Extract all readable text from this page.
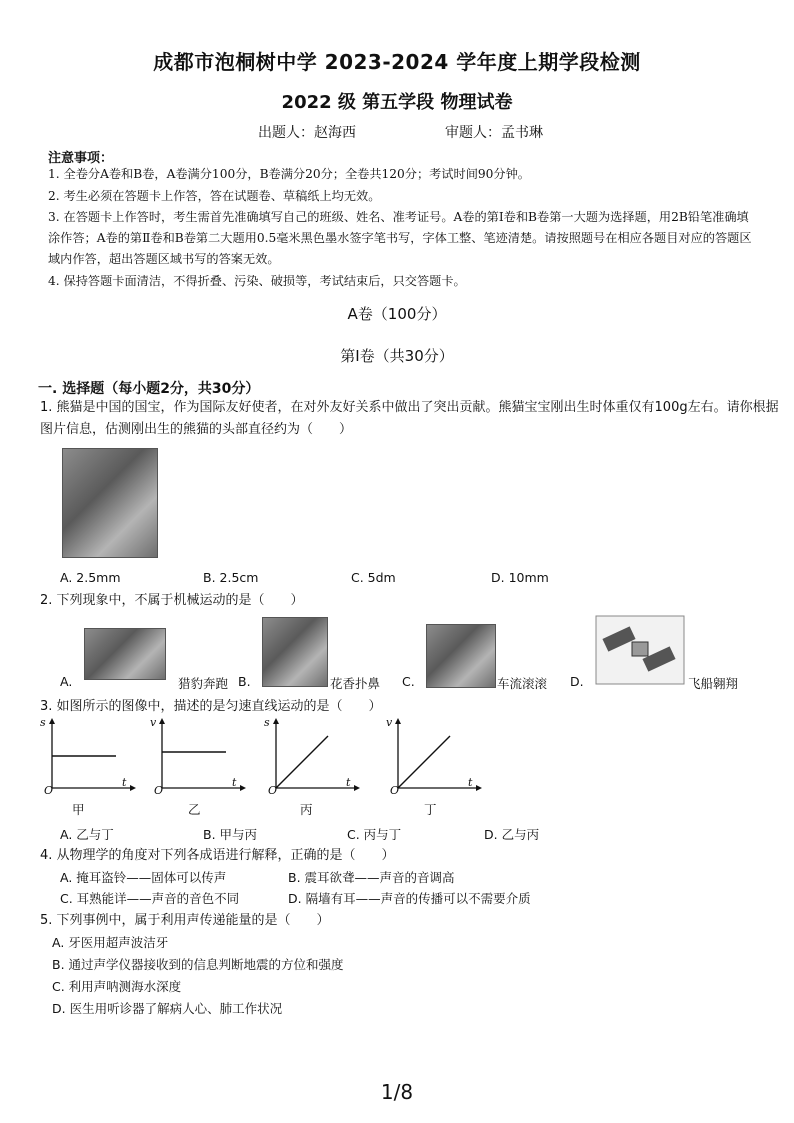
成都市泡桐树中学 2023-2024 学年度上期学段检测
2022 级 第五学段 物理试卷
出题人：赵海西	审题人：孟书琳
注意事项：
1. 全卷分A卷和B卷，A卷满分100分，B卷满分20分；全卷共120分；考试时间90分钟。
2. 考生必须在答题卡上作答，答在试题卷、草稿纸上均无效。
3. 在答题卡上作答时，考生需首先准确填写自己的班级、姓名、准考证号。A卷的第Ⅰ卷和B卷第一大题为选择题，用2B铅笔准确填涂作答；A卷的第Ⅱ卷和B卷第二大题用0.5毫米黑色墨水签字笔书写，字体工整、笔迹清楚。请按照题号在相应各题目对应的答题区域内作答，超出答题区域书写的答案无效。
4. 保持答题卡面清洁，不得折叠、污染、破损等，考试结束后，只交答题卡。
A卷（100分）
第Ⅰ卷（共30分）
一. 选择题（每小题2分，共30分）
1. 熊猫是中国的国宝，作为国际友好使者，在对外友好关系中做出了突出贡献。熊猫宝宝刚出生时体重仅有100g左右。请你根据图片信息，估测刚出生的熊猫的头部直径约为（　　）
A. 2.5mm	B. 2.5cm	C. 5dm	D. 10mm
2. 下列现象中，不属于机械运动的是（　　）
A.	猎豹奔跑 B.	花香扑鼻 C.	车流滚滚 D.	飞船翱翔
3. 如图所示的图像中，描述的是匀速直线运动的是（　　）
s
t
O
甲
v
t
O
乙
s
t
O
丙
v
t
O
丁
A. 乙与丁	B. 甲与丙	C. 丙与丁	D. 乙与丙
4. 从物理学的角度对下列各成语进行解释，正确的是（　　）
A. 掩耳盗铃——固体可以传声	B. 震耳欲聋——声音的音调高
C. 耳熟能详——声音的音色不同	D. 隔墙有耳——声音的传播可以不需要介质
5. 下列事例中，属于利用声传递能量的是（　　）
A. 牙医用超声波洁牙
B. 通过声学仪器接收到的信息判断地震的方位和强度
C. 利用声呐测海水深度
D. 医生用听诊器了解病人心、肺工作状况
1/8
